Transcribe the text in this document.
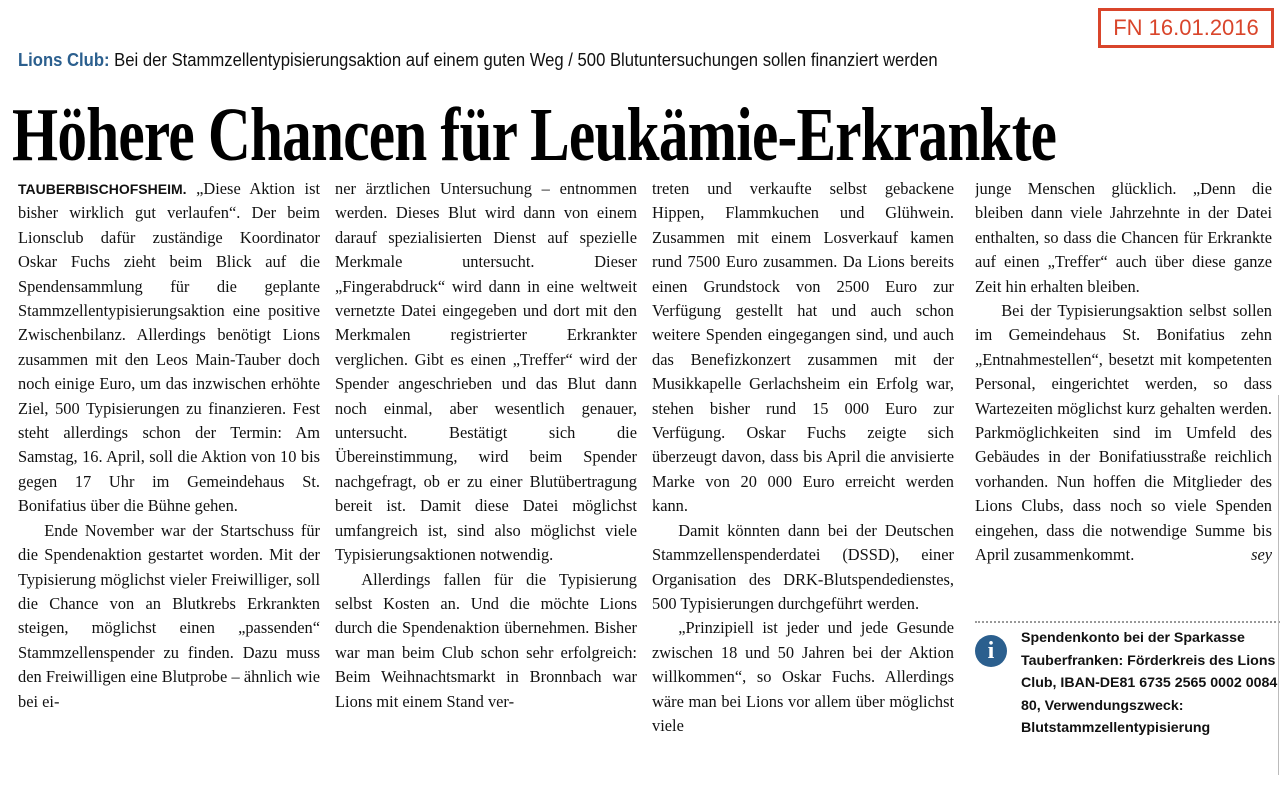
FN 16.01.2016
Lions Club: Bei der Stammzellentypisierungsaktion auf einem guten Weg / 500 Blutuntersuchungen sollen finanziert werden
Höhere Chancen für Leukämie-Erkrankte

TAUBERBISCHOFSHEIM. „Diese Aktion ist bisher wirklich gut verlaufen“. Der beim Lionsclub dafür zuständige Koordinator Oskar Fuchs zieht beim Blick auf die Spendensammlung für die geplante Stammzellentypisierungsaktion eine positive Zwischenbilanz. Allerdings benötigt Lions zusammen mit den Leos Main-Tauber doch noch einige Euro, um das inzwischen erhöhte Ziel, 500 Typisierungen zu finanzieren. Fest steht allerdings schon der Termin: Am Samstag, 16. April, soll die Aktion von 10 bis gegen 17 Uhr im Gemeindehaus St. Bonifatius über die Bühne gehen.

Ende November war der Startschuss für die Spendenaktion gestartet worden. Mit der Typisierung möglichst vieler Freiwilliger, soll die Chance von an Blutkrebs Erkrankten steigen, möglichst einen „passenden“ Stammzellenspender zu finden. Dazu muss den Freiwilligen eine Blutprobe – ähnlich wie bei ei-

ner ärztlichen Untersuchung – entnommen werden. Dieses Blut wird dann von einem darauf spezialisierten Dienst auf spezielle Merkmale untersucht. Dieser „Fingerabdruck“ wird dann in eine weltweit vernetzte Datei eingegeben und dort mit den Merkmalen registrierter Erkrankter verglichen. Gibt es einen „Treffer“ wird der Spender angeschrieben und das Blut dann noch einmal, aber wesentlich genauer, untersucht. Bestätigt sich die Übereinstimmung, wird beim Spender nachgefragt, ob er zu einer Blutübertragung bereit ist. Damit diese Datei möglichst umfangreich ist, sind also möglichst viele Typisierungsaktionen notwendig.

Allerdings fallen für die Typisierung selbst Kosten an. Und die möchte Lions durch die Spendenaktion übernehmen. Bisher war man beim Club schon sehr erfolgreich: Beim Weihnachtsmarkt in Bronnbach war Lions mit einem Stand ver-

treten und verkaufte selbst gebackene Hippen, Flammkuchen und Glühwein. Zusammen mit einem Losverkauf kamen rund 7500 Euro zusammen. Da Lions bereits einen Grundstock von 2500 Euro zur Verfügung gestellt hat und auch schon weitere Spenden eingegangen sind, und auch das Benefizkonzert zusammen mit der Musikkapelle Gerlachsheim ein Erfolg war, stehen bisher rund 15 000 Euro zur Verfügung. Oskar Fuchs zeigte sich überzeugt davon, dass bis April die anvisierte Marke von 20 000 Euro erreicht werden kann.

Damit könnten dann bei der Deutschen Stammzellenspenderdatei (DSSD), einer Organisation des DRK-Blutspendedienstes, 500 Typisierungen durchgeführt werden.

„Prinzipiell ist jeder und jede Gesunde zwischen 18 und 50 Jahren bei der Aktion willkommen“, so Oskar Fuchs. Allerdings wäre man bei Lions vor allem über möglichst viele

junge Menschen glücklich. „Denn die bleiben dann viele Jahrzehnte in der Datei enthalten, so dass die Chancen für Erkrankte auf einen „Treffer“ auch über diese ganze Zeit hin erhalten bleiben.

Bei der Typisierungsaktion selbst sollen im Gemeindehaus St. Bonifatius zehn „Entnahmestellen“, besetzt mit kompetenten Personal, eingerichtet werden, so dass Wartezeiten möglichst kurz gehalten werden. Parkmöglichkeiten sind im Umfeld des Gebäudes in der Bonifatiusstraße reichlich vorhanden. Nun hoffen die Mitglieder des Lions Clubs, dass noch so viele Spenden eingehen, dass die notwendige Summe bis April zusammenkommt.	sey

i	Spendenkonto bei der Sparkasse Tauberfranken: Förderkreis des Lions Club, IBAN-DE81 6735 2565 0002 0084 80, Verwendungszweck: Blutstammzellentypisierung
